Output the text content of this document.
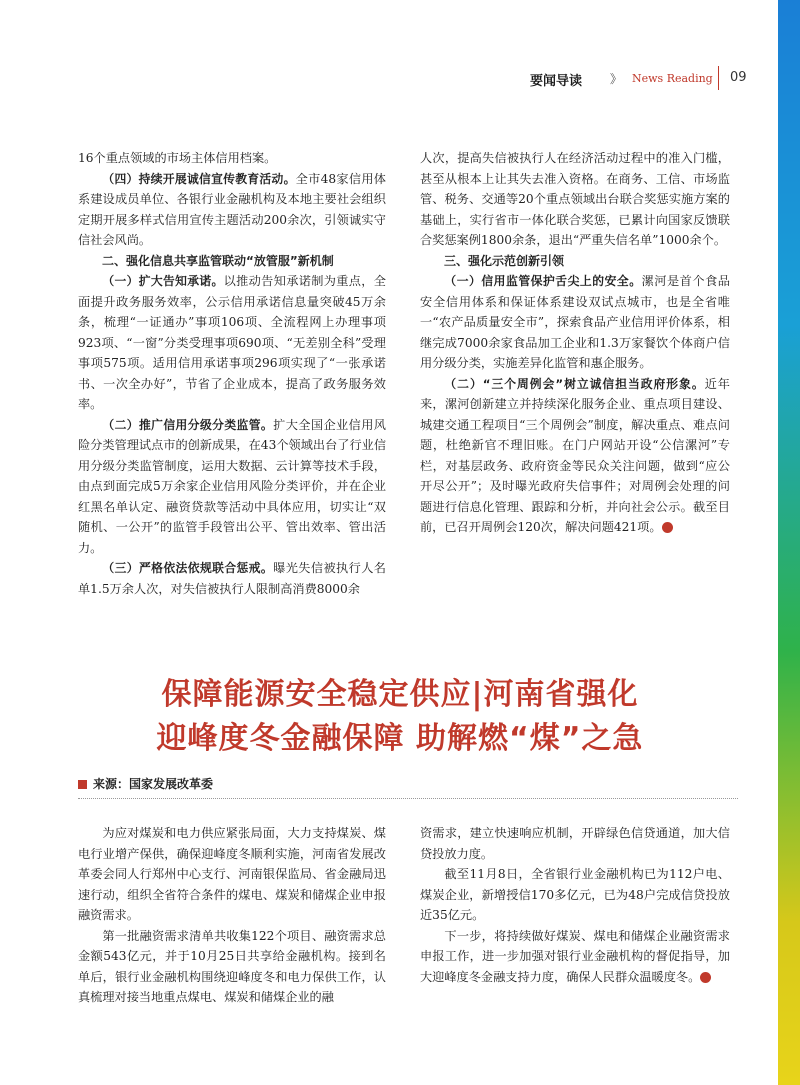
要闻导读 》 News Reading 09

16个重点领域的市场主体信用档案。

（四）持续开展诚信宣传教育活动。全市48家信用体系建设成员单位、各银行业金融机构及本地主要社会组织定期开展多样式信用宣传主题活动200余次，引领诚实守信社会风尚。

二、强化信息共享监管联动“放管服”新机制

（一）扩大告知承诺。以推动告知承诺制为重点，全面提升政务服务效率，公示信用承诺信息量突破45万余条，梳理“一证通办”事项106项、全流程网上办理事项923项、“一窗”分类受理事项690项、“无差别全科”受理事项575项。适用信用承诺事项296项实现了“一张承诺书、一次全办好”，节省了企业成本，提高了政务服务效率。

（二）推广信用分级分类监管。扩大全国企业信用风险分类管理试点市的创新成果，在43个领域出台了行业信用分级分类监管制度，运用大数据、云计算等技术手段，由点到面完成5万余家企业信用风险分类评价，并在企业红黑名单认定、融资贷款等活动中具体应用，切实让“双随机、一公开”的监管手段管出公平、管出效率、管出活力。

（三）严格依法依规联合惩戒。曝光失信被执行人名单1.5万余人次，对失信被执行人限制高消费8000余

人次，提高失信被执行人在经济活动过程中的准入门槛，甚至从根本上让其失去准入资格。在商务、工信、市场监管、税务、交通等20个重点领域出台联合奖惩实施方案的基础上，实行省市一体化联合奖惩，已累计向国家反馈联合奖惩案例1800余条，退出“严重失信名单”1000余个。

三、强化示范创新引领

（一）信用监管保护舌尖上的安全。漯河是首个食品安全信用体系和保证体系建设双试点城市，也是全省唯一“农产品质量安全市”，探索食品产业信用评价体系，相继完成7000余家食品加工企业和1.3万家餐饮个体商户信用分级分类，实施差异化监管和惠企服务。

（二）“三个周例会”树立诚信担当政府形象。近年来，漯河创新建立并持续深化服务企业、重点项目建设、城建交通工程项目“三个周例会”制度，解决重点、难点问题，杜绝新官不理旧账。在门户网站开设“公信漯河”专栏，对基层政务、政府资金等民众关注问题，做到“应公开尽公开”；及时曝光政府失信事件；对周例会处理的问题进行信息化管理、跟踪和分析，并向社会公示。截至目前，已召开周例会120次，解决问题421项。	C

保障能源安全稳定供应|河南省强化
迎峰度冬金融保障 助解燃“煤”之急
来源：国家发展改革委

为应对煤炭和电力供应紧张局面，大力支持煤炭、煤电行业增产保供，确保迎峰度冬顺利实施，河南省发展改革委会同人行郑州中心支行、河南银保监局、省金融局迅速行动，组织全省符合条件的煤电、煤炭和储煤企业申报融资需求。

第一批融资需求清单共收集122个项目、融资需求总金额543亿元，并于10月25日共享给金融机构。接到名单后，银行业金融机构围绕迎峰度冬和电力保供工作，认真梳理对接当地重点煤电、煤炭和储煤企业的融

资需求，建立快速响应机制，开辟绿色信贷通道，加大信贷投放力度。

截至11月8日，全省银行业金融机构已为112户电、煤炭企业，新增授信170多亿元，已为48户完成信贷投放近35亿元。

下一步，将持续做好煤炭、煤电和储煤企业融资需求申报工作，进一步加强对银行业金融机构的督促指导，加大迎峰度冬金融支持力度，确保人民群众温暖度冬。	C
